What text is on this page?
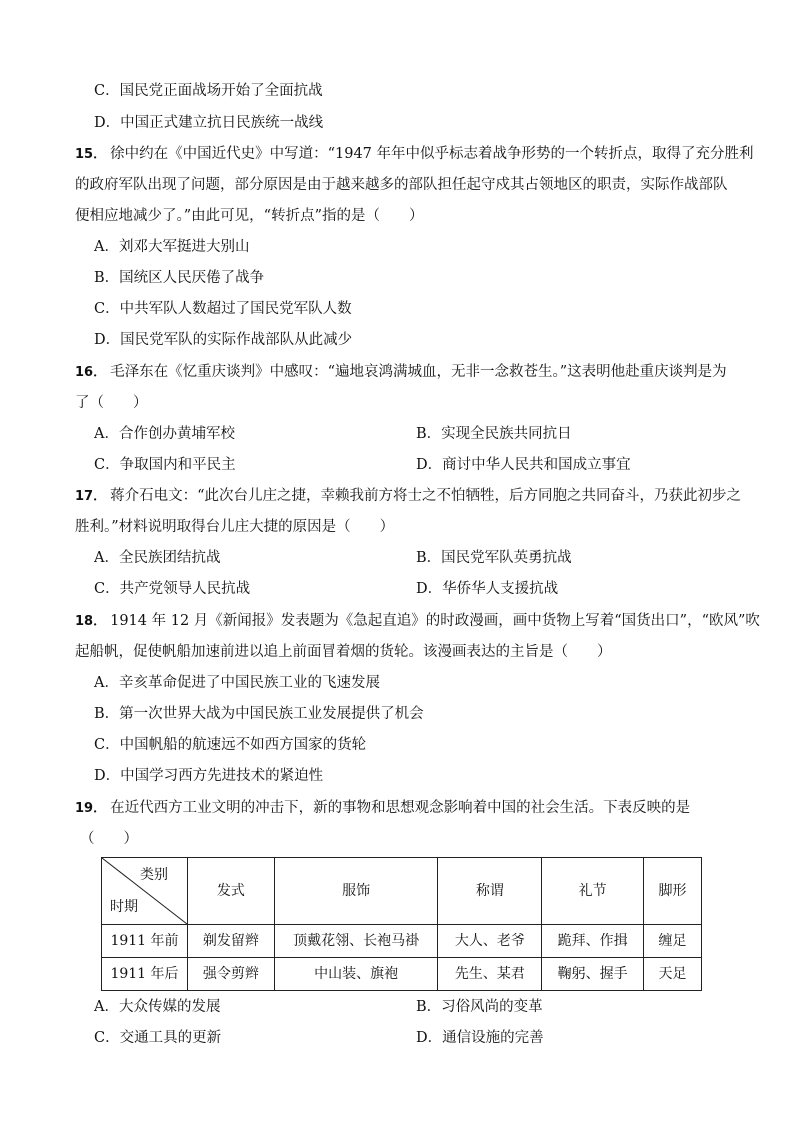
C．国民党正面战场开始了全面抗战
D．中国正式建立抗日民族统一战线
15． 徐中约在《中国近代史》中写道：“1947 年年中似乎标志着战争形势的一个转折点，取得了充分胜利
的政府军队出现了问题，部分原因是由于越来越多的部队担任起守戍其占领地区的职责，实际作战部队
便相应地减少了。”由此可见，“转折点”指的是（　　）
A．刘邓大军挺进大别山
B．国统区人民厌倦了战争
C．中共军队人数超过了国民党军队人数
D．国民党军队的实际作战部队从此减少
16． 毛泽东在《忆重庆谈判》中感叹：“遍地哀鸿满城血，无非一念救苍生。”这表明他赴重庆谈判是为
了（　　）
A．合作创办黄埔军校	B．实现全民族共同抗日
C．争取国内和平民主	D．商讨中华人民共和国成立事宜
17． 蒋介石电文：“此次台儿庄之捷，幸赖我前方将士之不怕牺牲，后方同胞之共同奋斗，乃获此初步之
胜利。”材料说明取得台儿庄大捷的原因是（　　）
A．全民族团结抗战	B．国民党军队英勇抗战
C．共产党领导人民抗战	D．华侨华人支援抗战
18． 1914 年 12 月《新闻报》发表题为《急起直追》的时政漫画，画中货物上写着“国货出口”，“欧风”吹
起船帆，促使帆船加速前进以追上前面冒着烟的货轮。该漫画表达的主旨是（　　）
A．辛亥革命促进了中国民族工业的飞速发展
B．第一次世界大战为中国民族工业发展提供了机会
C．中国帆船的航速远不如西方国家的货轮
D．中国学习西方先进技术的紧迫性
19． 在近代西方工业文明的冲击下，新的事物和思想观念影响着中国的社会生活。下表反映的是
（　　）
类别
时期	发式	服饰	称谓	礼节	脚形
1911 年前	剃发留辫	顶戴花翎、长袍马褂	大人、老爷	跪拜、作揖	缠足
1911 年后	强令剪辫	中山装、旗袍	先生、某君	鞠躬、握手	天足
A．大众传媒的发展	B．习俗风尚的变革
C．交通工具的更新	D．通信设施的完善
